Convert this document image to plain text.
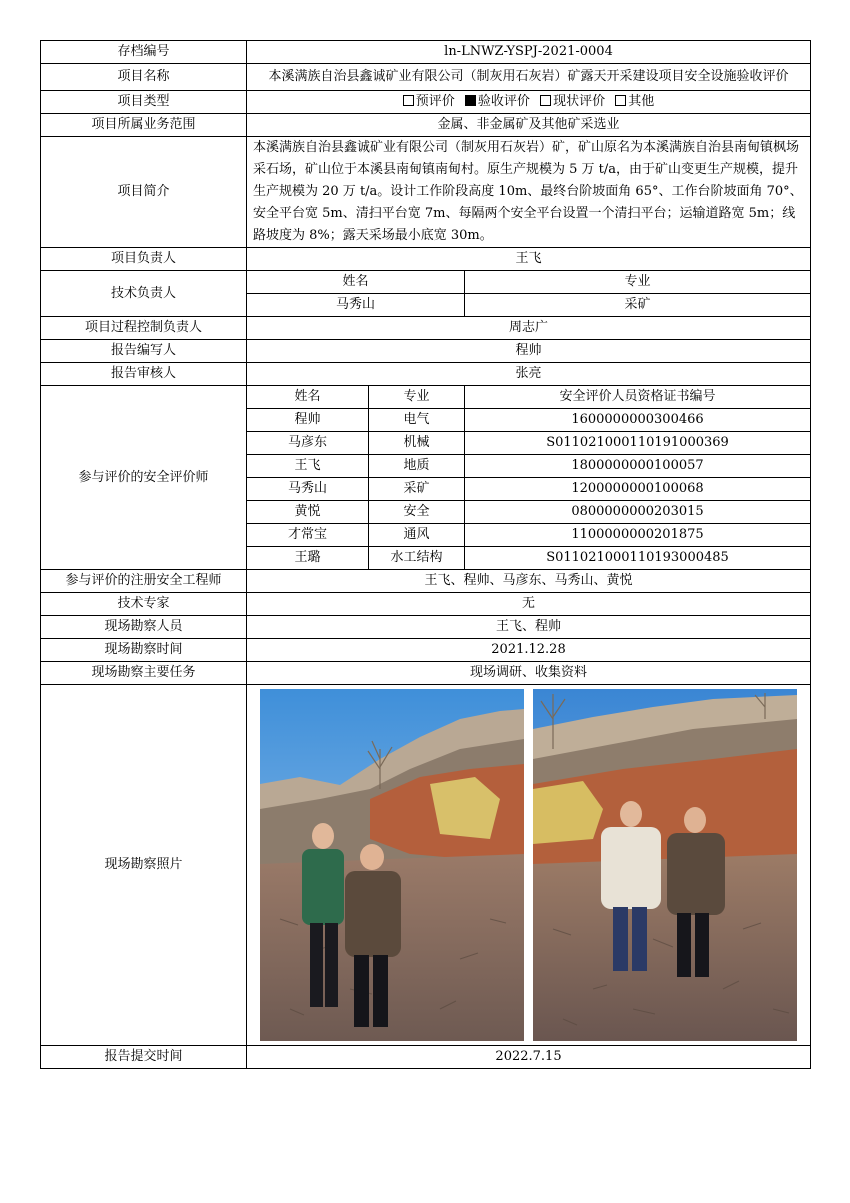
存档编号	ln-LNWZ-YSPJ-2021-0004		
项目名称	本溪满族自治县鑫诚矿业有限公司（制灰用石灰岩）矿露天开采建设项目安全设施验收评价		
项目类型	预评价 验收评价 现状评价 其他		
项目所属业务范围	金属、非金属矿及其他矿采选业		
项目简介	本溪满族自治县鑫诚矿业有限公司（制灰用石灰岩）矿，矿山原名为本溪满族自治县南甸镇枫场采石场，矿山位于本溪县南甸镇南甸村。原生产规模为 5 万 t/a，由于矿山变更生产规模，提升生产规模为 20 万 t/a。设计工作阶段高度 10m、最终台阶坡面角 65°、工作台阶坡面角 70°、安全平台宽 5m、清扫平台宽 7m、每隔两个安全平台设置一个清扫平台；运输道路宽 5m；线路坡度为 8%；露天采场最小底宽 30m。		
项目负责人	王飞		
技术负责人	姓名		专业
	马秀山		采矿
项目过程控制负责人	周志广		
报告编写人	程帅		
报告审核人	张亮		
参与评价的安全评价师	姓名	专业	安全评价人员资格证书编号
	程帅	电气	1600000000300466
	马彦东	机械	S011021000110191000369
	王飞	地质	1800000000100057
	马秀山	采矿	1200000000100068
	黄悦	安全	0800000000203015
	才常宝	通风	1100000000201875
	王璐	水工结构	S011021000110193000485
参与评价的注册安全工程师	王飞、程帅、马彦东、马秀山、黄悦		
技术专家	无		
现场勘察人员	王飞、程帅		
现场勘察时间	2021.12.28		
现场勘察主要任务	现场调研、收集资料		
现场勘察照片	
报告提交时间	2022.7.15		
